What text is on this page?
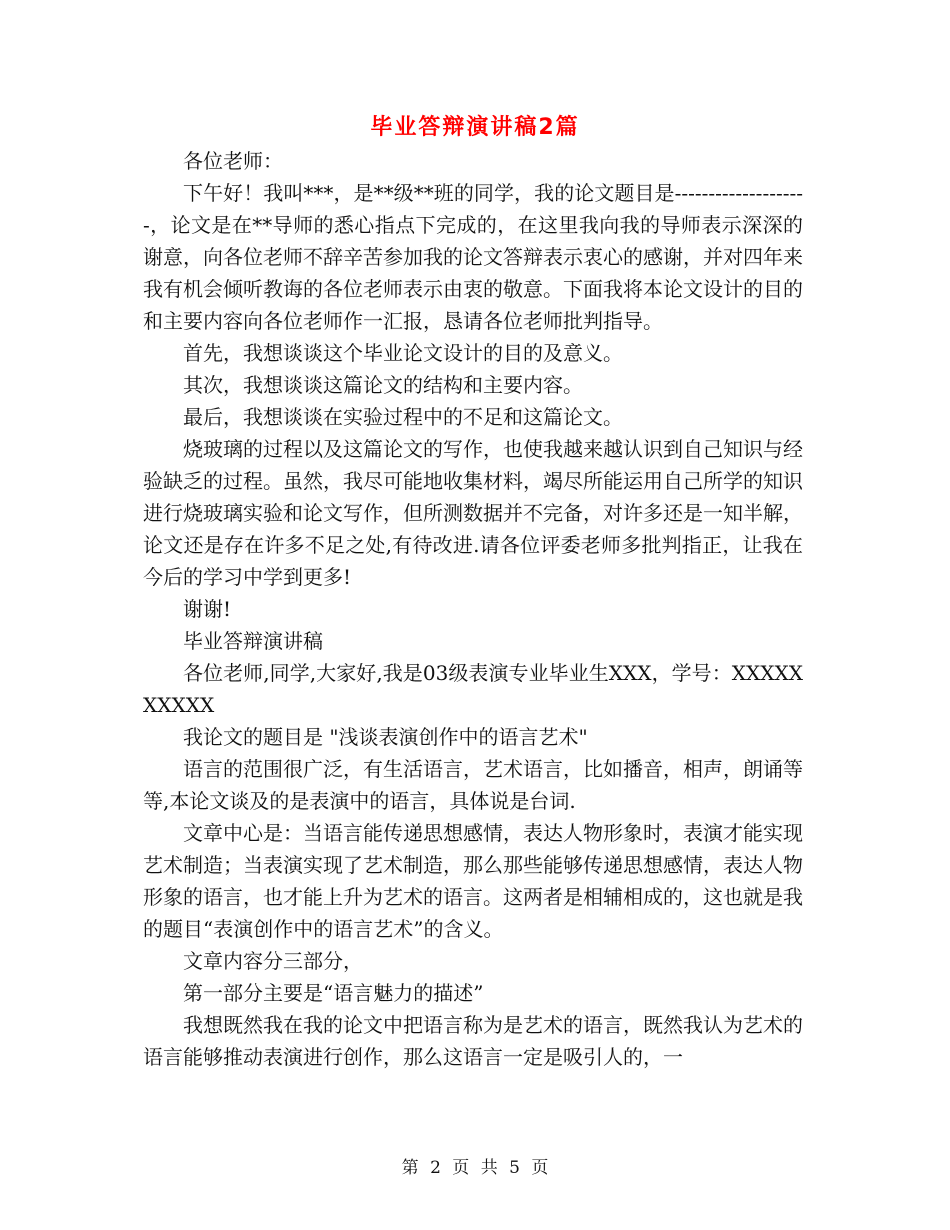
毕业答辩演讲稿2篇

各位老师：

下午好！我叫***，是**级**班的同学，我的论文题目是--------------------，论文是在**导师的悉心指点下完成的，在这里我向我的导师表示深深的谢意，向各位老师不辞辛苦参加我的论文答辩表示衷心的感谢，并对四年来我有机会倾听教诲的各位老师表示由衷的敬意。下面我将本论文设计的目的和主要内容向各位老师作一汇报，恳请各位老师批判指导。

首先，我想谈谈这个毕业论文设计的目的及意义。

其次，我想谈谈这篇论文的结构和主要内容。

最后，我想谈谈在实验过程中的不足和这篇论文。

烧玻璃的过程以及这篇论文的写作，也使我越来越认识到自己知识与经验缺乏的过程。虽然，我尽可能地收集材料，竭尽所能运用自己所学的知识进行烧玻璃实验和论文写作，但所测数据并不完备，对许多还是一知半解，论文还是存在许多不足之处,有待改进.请各位评委老师多批判指正，让我在今后的学习中学到更多!

谢谢!

毕业答辩演讲稿

各位老师,同学,大家好,我是03级表演专业毕业生XXX，学号：XXXXXXXXXX

我论文的题目是 "浅谈表演创作中的语言艺术"

语言的范围很广泛，有生活语言，艺术语言，比如播音，相声，朗诵等等,本论文谈及的是表演中的语言，具体说是台词.

文章中心是：当语言能传递思想感情，表达人物形象时，表演才能实现艺术制造；当表演实现了艺术制造，那么那些能够传递思想感情，表达人物形象的语言，也才能上升为艺术的语言。这两者是相辅相成的，这也就是我的题目“表演创作中的语言艺术”的含义。

文章内容分三部分，

第一部分主要是“语言魅力的描述”

我想既然我在我的论文中把语言称为是艺术的语言，既然我认为艺术的语言能够推动表演进行创作，那么这语言一定是吸引人的，一

第 2 页 共 5 页
